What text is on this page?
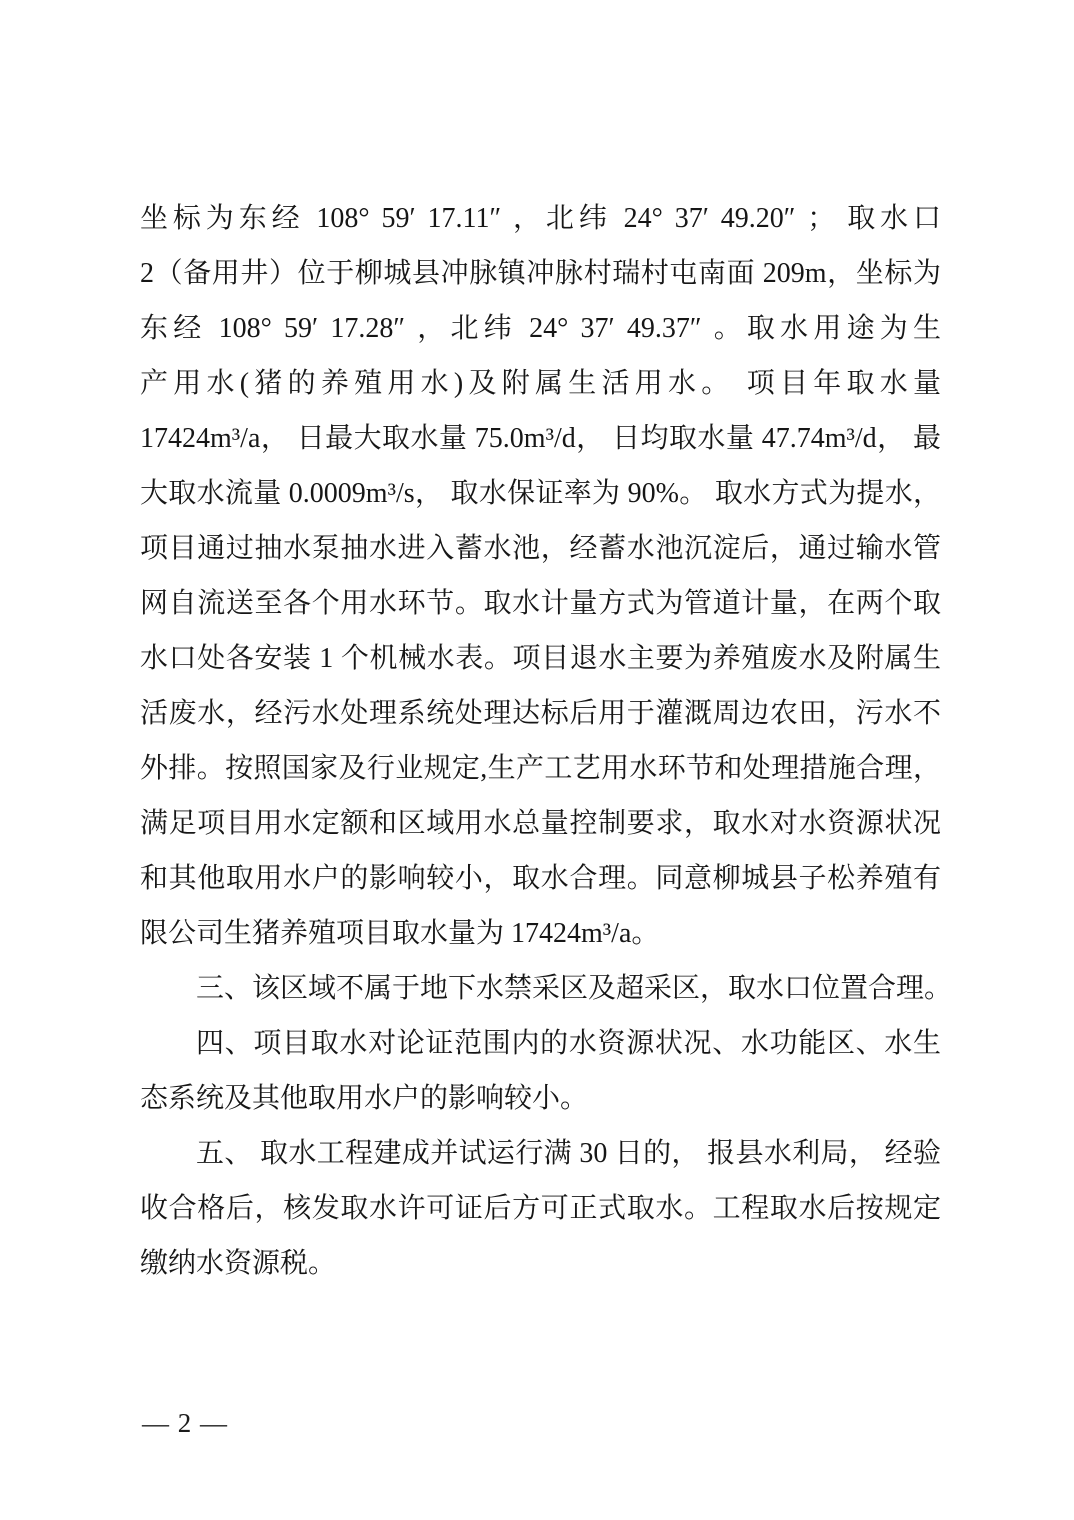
坐标为东经 108° 59′ 17.11″ ，北纬 24° 37′ 49.20″ ； 取水口
2（备用井）位于柳城县冲脉镇冲脉村瑞村屯南面 209m，坐标为
东经 108° 59′ 17.28″ ，北纬 24° 37′ 49.37″ 。取水用途为生
产用水(猪的养殖用水)及附属生活用水。 项目年取水量
17424m³/a， 日最大取水量 75.0m³/d， 日均取水量 47.74m³/d， 最
大取水流量 0.0009m³/s， 取水保证率为 90%。 取水方式为提水，
项目通过抽水泵抽水进入蓄水池，经蓄水池沉淀后，通过输水管
网自流送至各个用水环节。取水计量方式为管道计量，在两个取
水口处各安装 1 个机械水表。项目退水主要为养殖废水及附属生
活废水，经污水处理系统处理达标后用于灌溉周边农田，污水不
外排。按照国家及行业规定,生产工艺用水环节和处理措施合理，
满足项目用水定额和区域用水总量控制要求，取水对水资源状况
和其他取用水户的影响较小，取水合理。同意柳城县子松养殖有
限公司生猪养殖项目取水量为 17424m³/a。
三、该区域不属于地下水禁采区及超采区，取水口位置合理。
四、项目取水对论证范围内的水资源状况、水功能区、水生
态系统及其他取用水户的影响较小。
五、 取水工程建成并试运行满 30 日的， 报县水利局， 经验
收合格后，核发取水许可证后方可正式取水。工程取水后按规定
缴纳水资源税。
— 2 —
